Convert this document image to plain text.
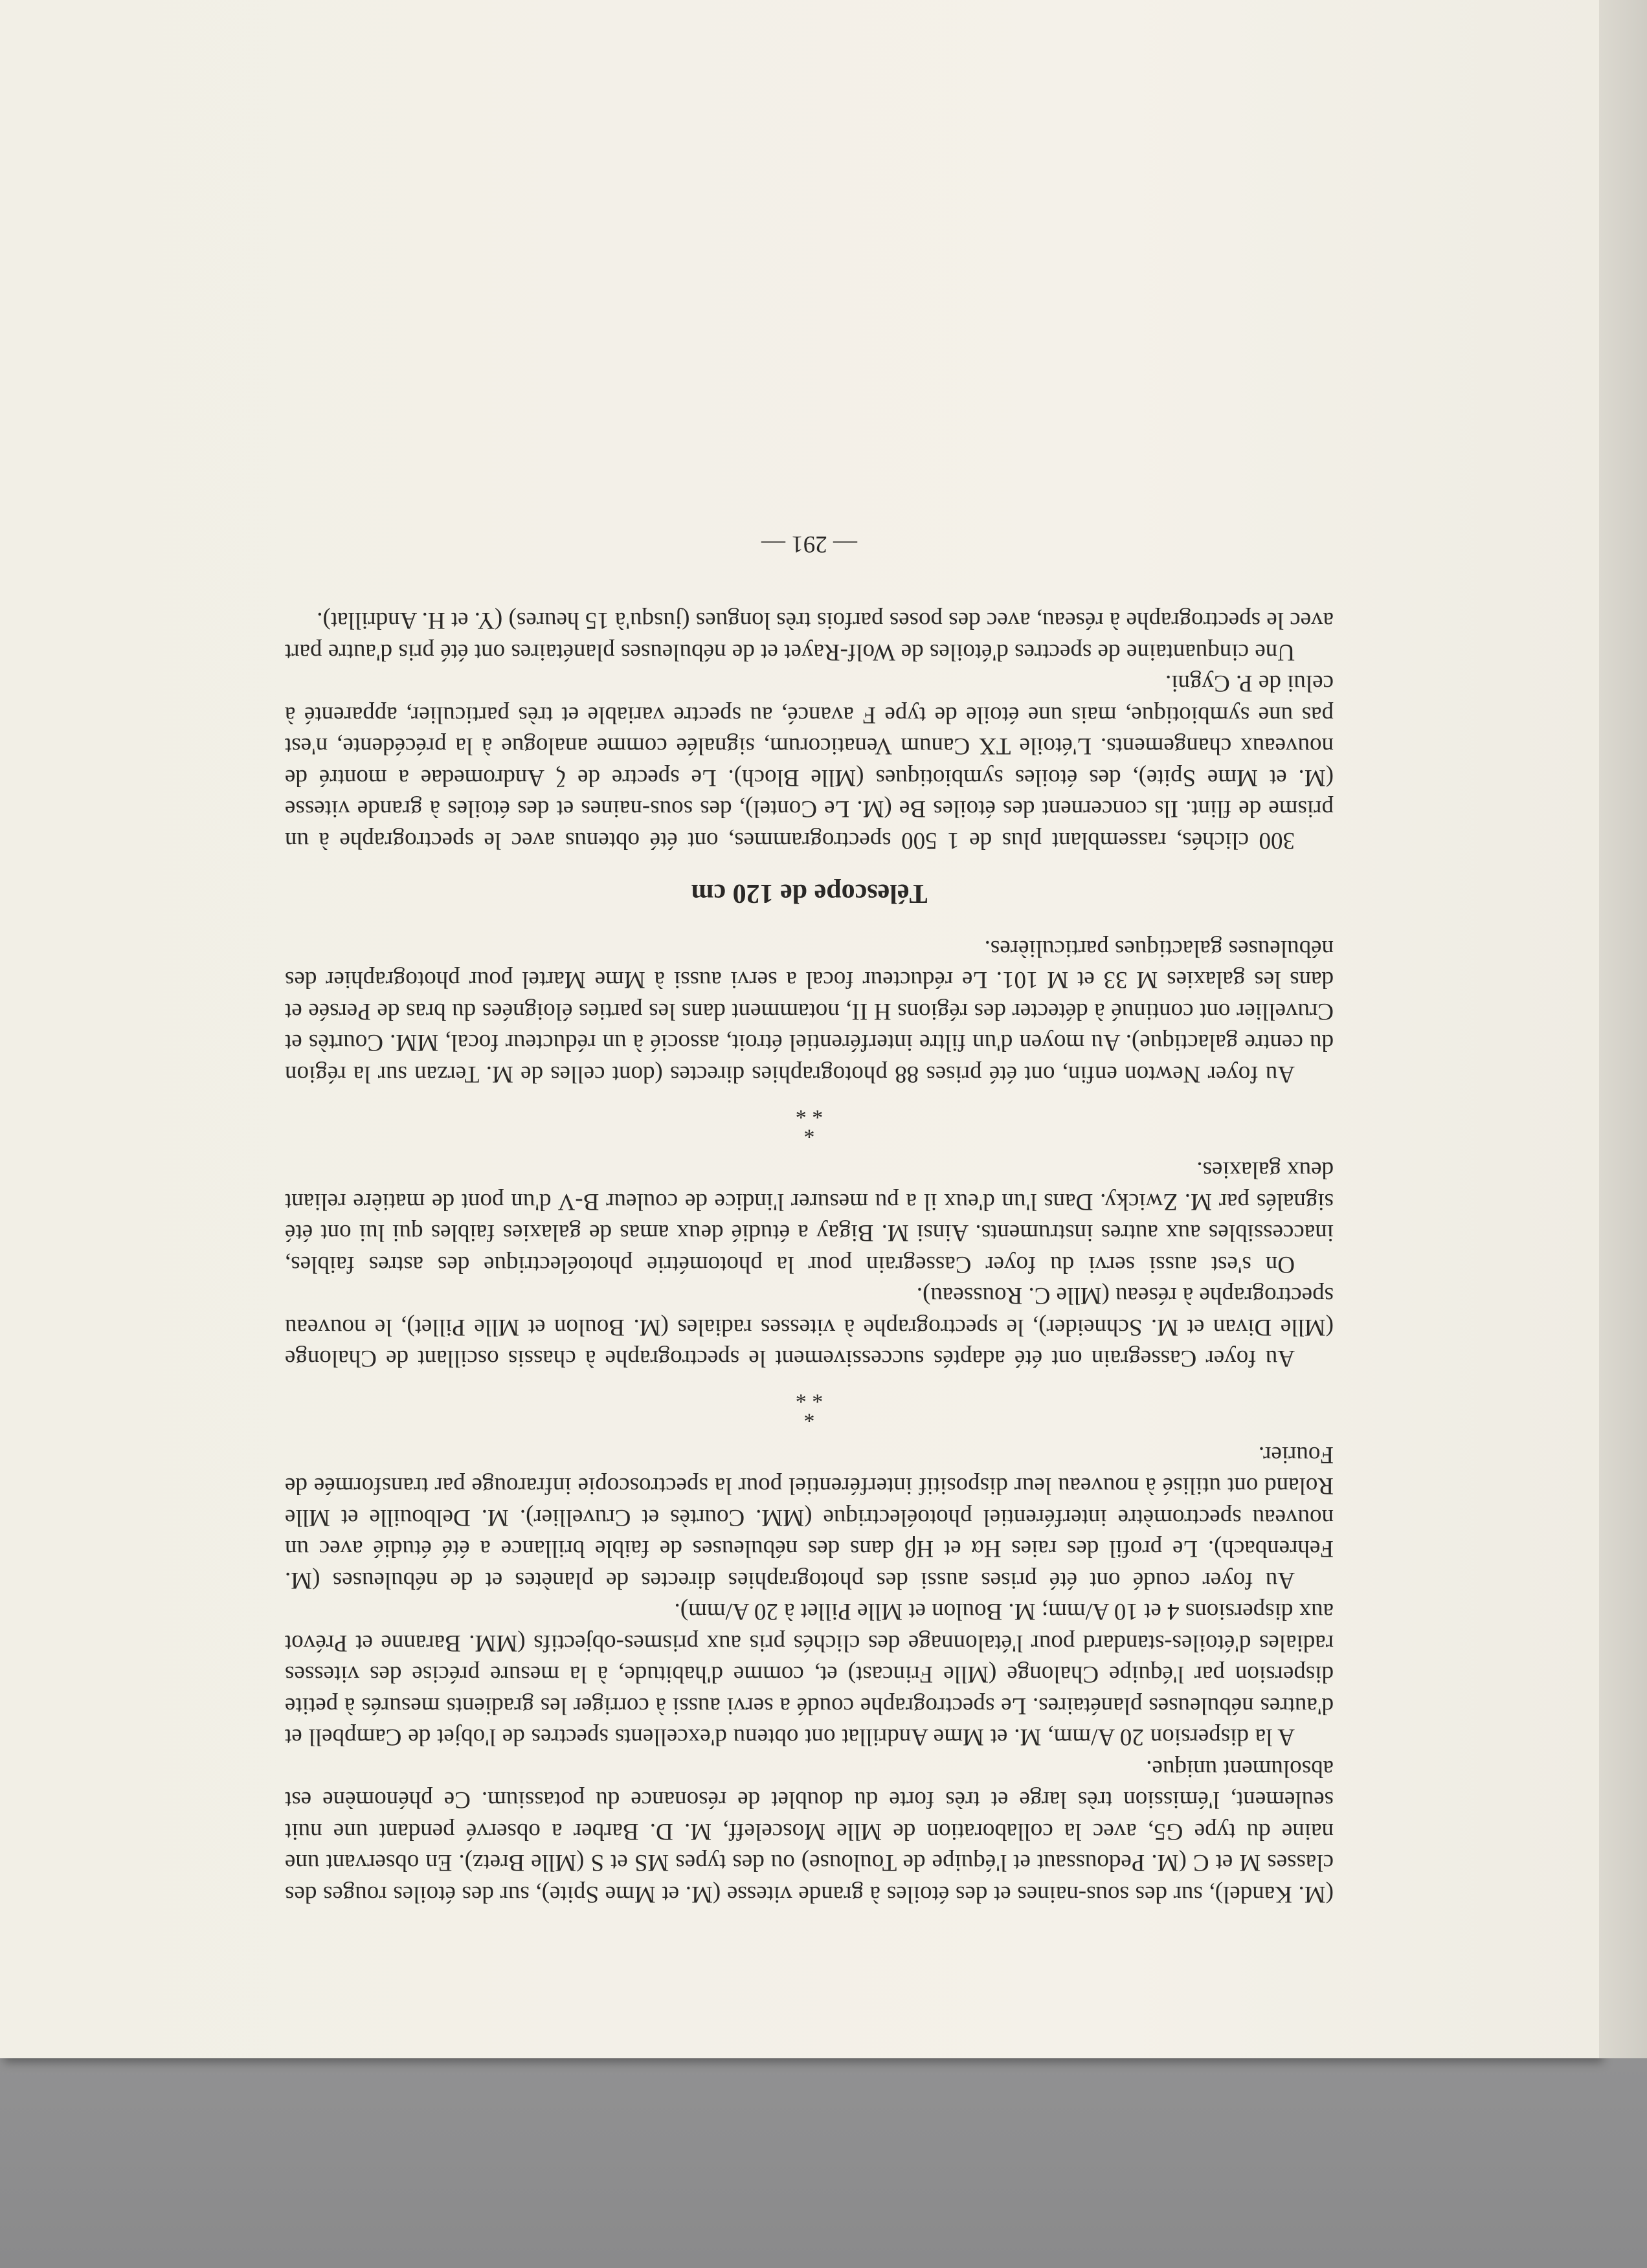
(M. Kandel), sur des sous-naines et des étoiles à grande vitesse (M. et Mme Spite), sur des étoiles rouges des classes M et C (M. Pedoussaut et l'équipe de Toulouse) ou des types MS et S (Mlle Bretz). En observant une naine du type G5, avec la collaboration de Mlle Mosceleff, M. D. Barber a observé pendant une nuit seulement, l'émission très large et très forte du doublet de résonance du potassium. Ce phénomène est absolument unique.

A la dispersion 20 A/mm, M. et Mme Andrillat ont obtenu d'excellents spectres de l'objet de Campbell et d'autres nébuleuses planétaires. Le spectrographe coudé a servi aussi à corriger les gradients mesurés à petite dispersion par l'équipe Chalonge (Mlle Frincast) et, comme d'habitude, à la mesure précise des vitesses radiales d'étoiles-standard pour l'étalonnage des clichés pris aux prismes-objectifs (MM. Baranne et Prévot aux dispersions 4 et 10 A/mm; M. Boulon et Mlle Pillet à 20 A/mm).

Au foyer coudé ont été prises aussi des photographies directes de planètes et de nébuleuses (M. Fehrenbach). Le profil des raies Hα et Hβ dans des nébuleuses de faible brillance a été étudié avec un nouveau spectromètre interférentiel photoélectrique (MM. Courtès et Cruvellier). M. Delbouille et Mlle Roland ont utilisé à nouveau leur dispositif interférentiel pour la spectroscopie infrarouge par transformée de Fourier.

*
* *

Au foyer Cassegrain ont été adaptés successivement le spectrographe à chassis oscillant de Chalonge (Mlle Divan et M. Schneider), le spectrographe à vitesses radiales (M. Boulon et Mlle Pillet), le nouveau spectrographe à réseau (Mlle C. Rousseau).

On s'est aussi servi du foyer Cassegrain pour la photométrie photoélectrique des astres faibles, inaccessibles aux autres instruments. Ainsi M. Bigay a étudié deux amas de galaxies faibles qui lui ont été signalés par M. Zwicky. Dans l'un d'eux il a pu mesurer l'indice de couleur B-V d'un pont de matière reliant deux galaxies.

*
* *

Au foyer Newton enfin, ont été prises 88 photographies directes (dont celles de M. Terzan sur la région du centre galactique). Au moyen d'un filtre interférentiel étroit, associé à un réducteur focal, MM. Courtès et Cruvellier ont continué à détecter des régions H II, notamment dans les parties éloignées du bras de Persée et dans les galaxies M 33 et M 101. Le réducteur focal a servi aussi à Mme Martel pour photographier des nébuleuses galactiques particulières.

Télescope de 120 cm

300 clichés, rassemblant plus de 1 500 spectrogrammes, ont été obtenus avec le spectrographe à un prisme de flint. Ils concernent des étoiles Be (M. Le Contel), des sous-naines et des étoiles à grande vitesse (M. et Mme Spite), des étoiles symbiotiques (Mlle Bloch). Le spectre de ζ Andromedae a montré de nouveaux changements. L'étoile TX Canum Venaticorum, signalée comme analogue à la précédente, n'est pas une symbiotique, mais une étoile de type F avancé, au spectre variable et très particulier, apparenté à celui de P. Cygni.

Une cinquantaine de spectres d'étoiles de Wolf-Rayet et de nébuleuses planétaires ont été pris d'autre part avec le spectrographe à réseau, avec des poses parfois très longues (jusqu'à 15 heures) (Y. et H. Andrillat).

— 291 —
